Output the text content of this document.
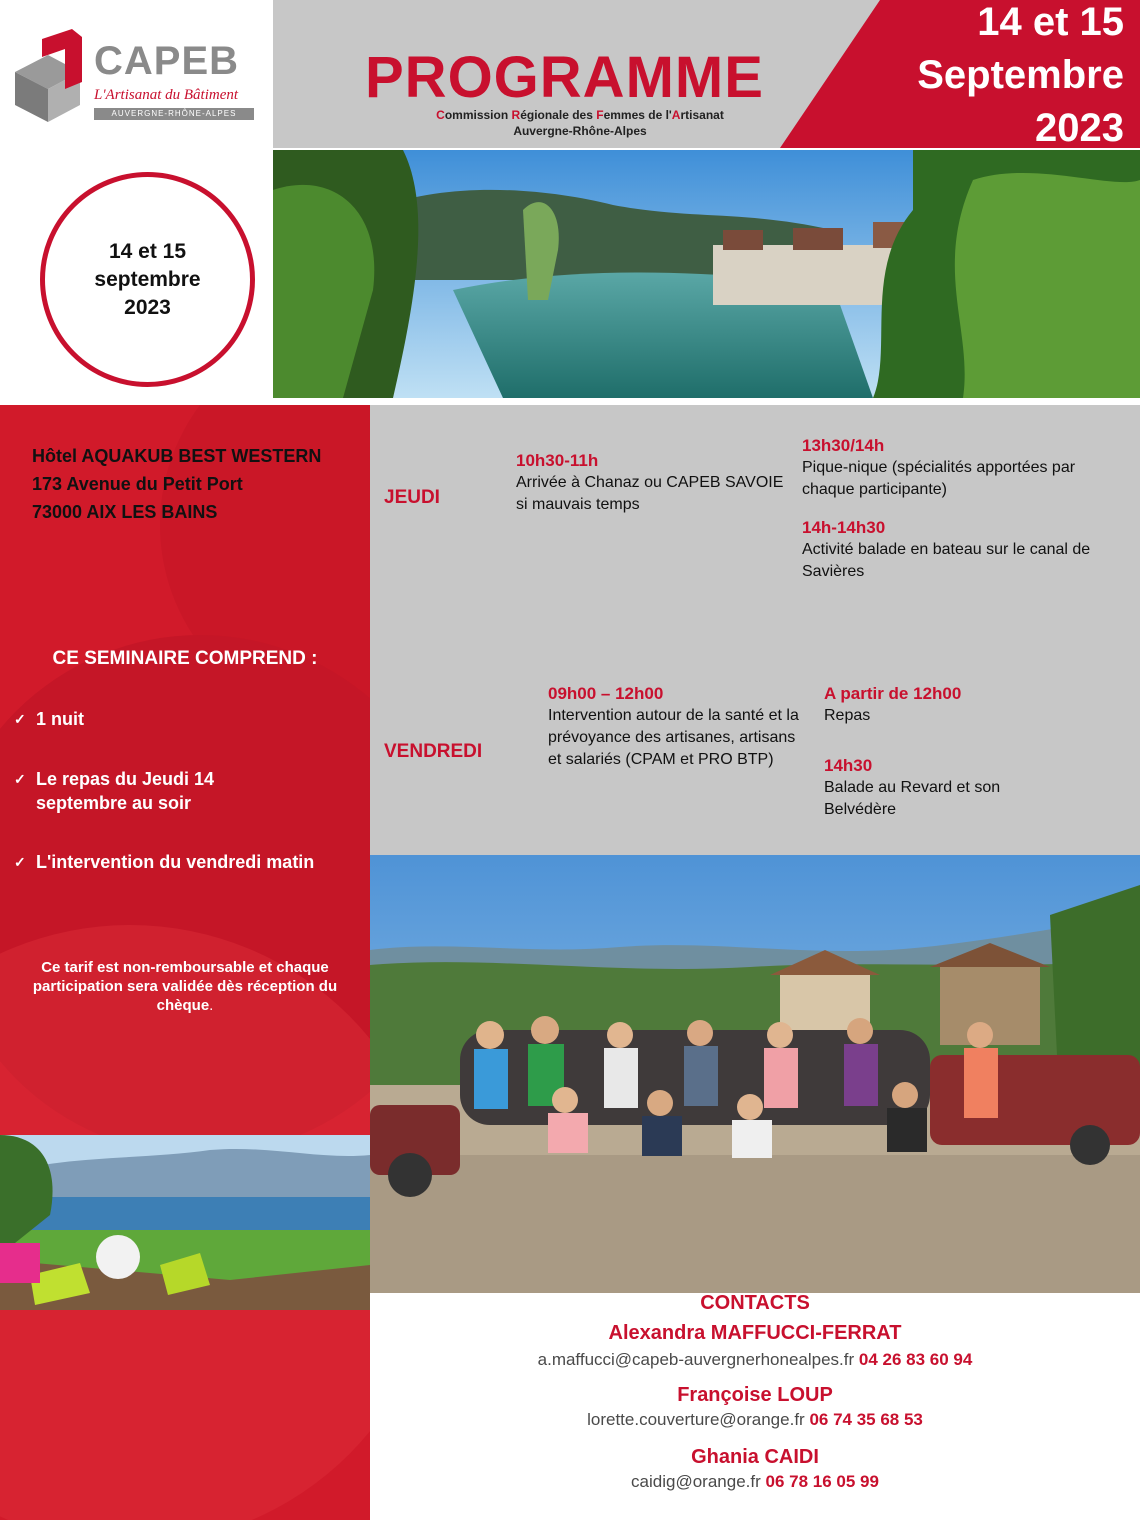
CAPEB
L'Artisanat du Bâtiment
AUVERGNE-RHÔNE-ALPES
PROGRAMME
Commission Régionale des Femmes de l'Artisanat
Auvergne-Rhône-Alpes
14 et 15
Septembre
2023
14 et 15
septembre
2023
Hôtel AQUAKUB BEST WESTERN
173 Avenue du Petit Port
73000 AIX LES BAINS
CE SEMINAIRE COMPREND :
✓ 1 nuit
✓ Le repas du Jeudi 14 septembre au soir
✓ L'intervention du vendredi matin
Ce tarif est non-remboursable et chaque participation sera validée dès réception du chèque.
JEUDI
10h30-11h
Arrivée à Chanaz ou CAPEB SAVOIE si mauvais temps
13h30/14h
Pique-nique (spécialités apportées par chaque participante)
14h-14h30
Activité balade en bateau sur le canal de Savières
VENDREDI
09h00 – 12h00
Intervention autour de la santé et la prévoyance des artisanes, artisans et salariés (CPAM et PRO BTP)
A partir de 12h00
Repas
14h30
Balade au Revard et son Belvédère
CONTACTS
Alexandra MAFFUCCI-FERRAT
a.maffucci@capeb-auvergnerhonealpes.fr 04 26 83 60 94
Françoise LOUP
lorette.couverture@orange.fr 06 74 35 68 53
Ghania CAIDI
caidig@orange.fr 06 78 16 05 99
